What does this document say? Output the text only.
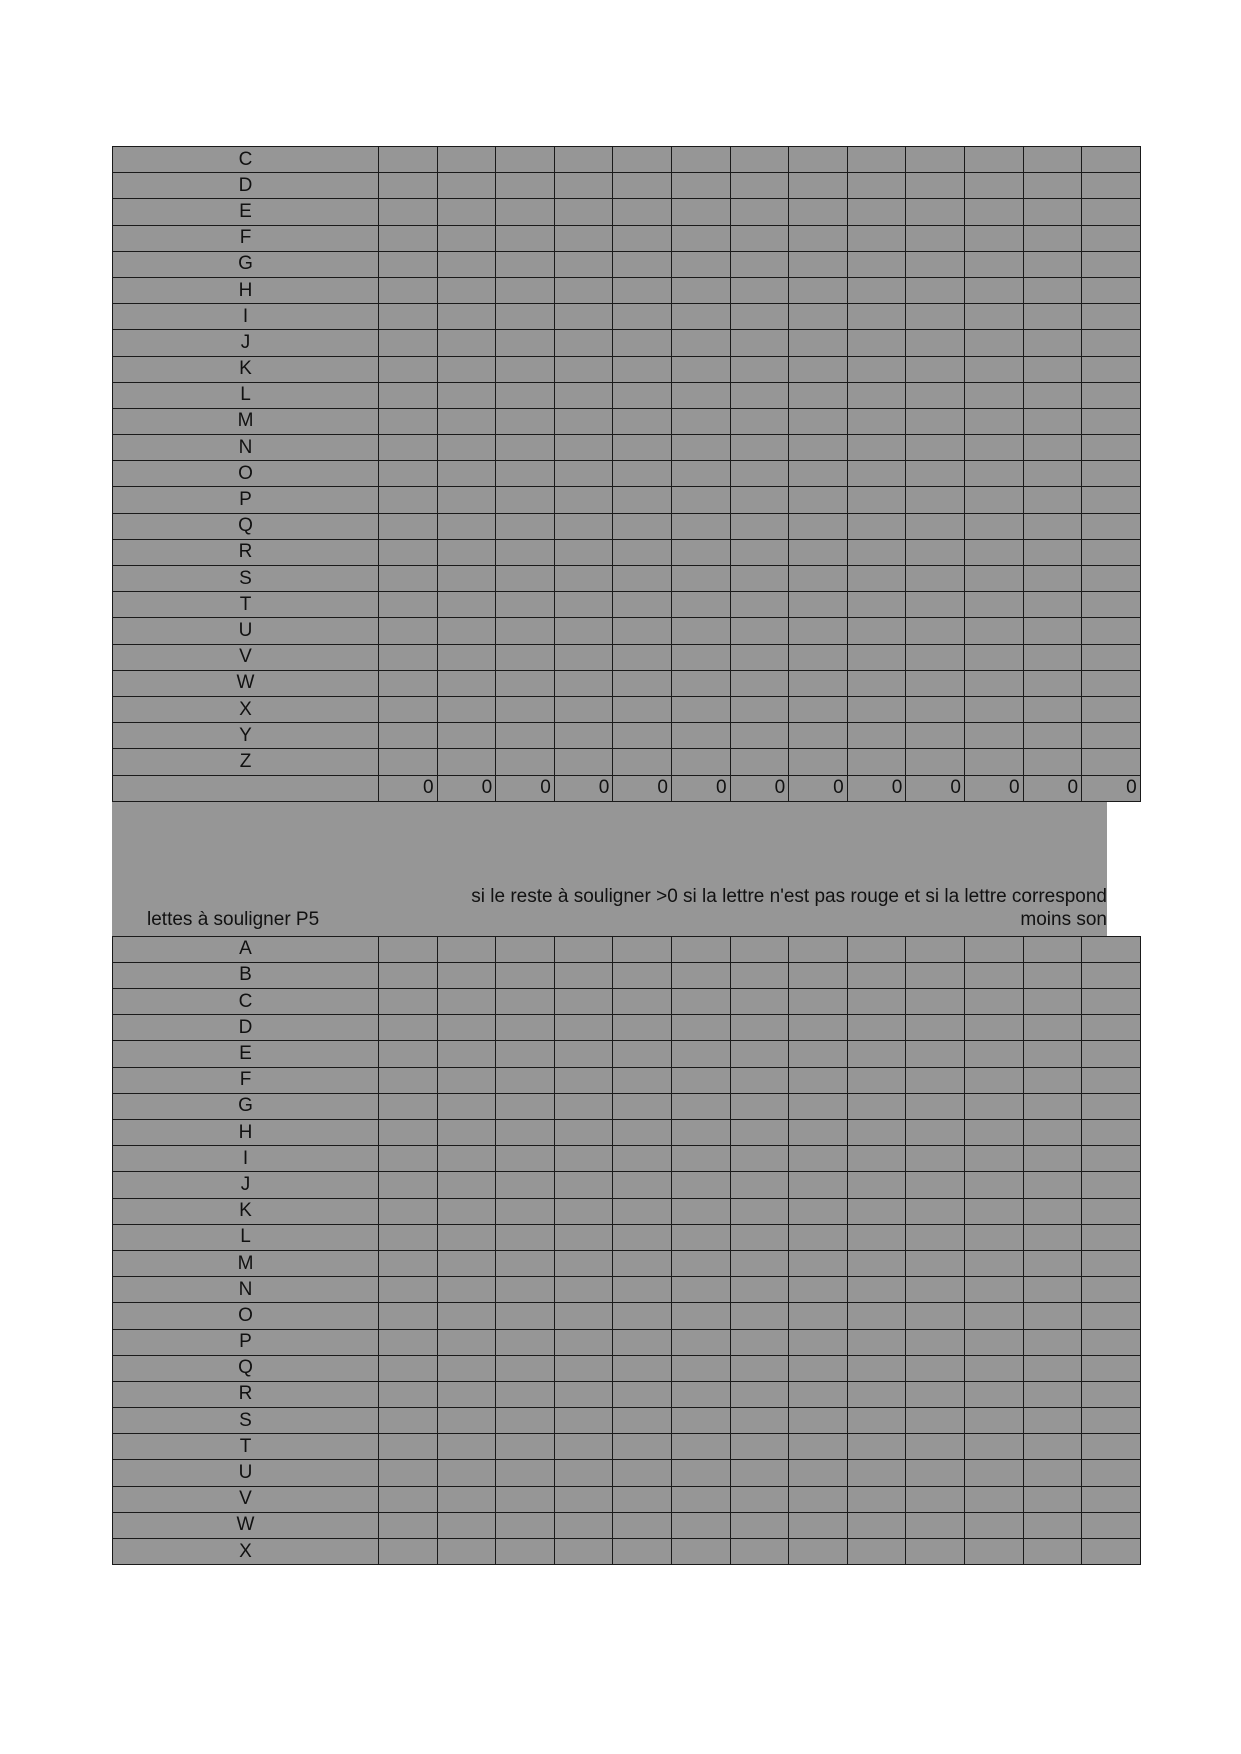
C													
D													
E													
F													
G													
H													
I													
J													
K													
L													
M													
N													
O													
P													
Q													
R													
S													
T													
U													
V													
W													
X													
Y													
Z													
	0	0	0	0	0	0	0	0	0	0	0	0	0
si le reste à souligner >0 si la lettre n'est pas rouge et si la lettre correspond
lettes à souligner P5	moins son
A													
B													
C													
D													
E													
F													
G													
H													
I													
J													
K													
L													
M													
N													
O													
P													
Q													
R													
S													
T													
U													
V													
W													
X													
